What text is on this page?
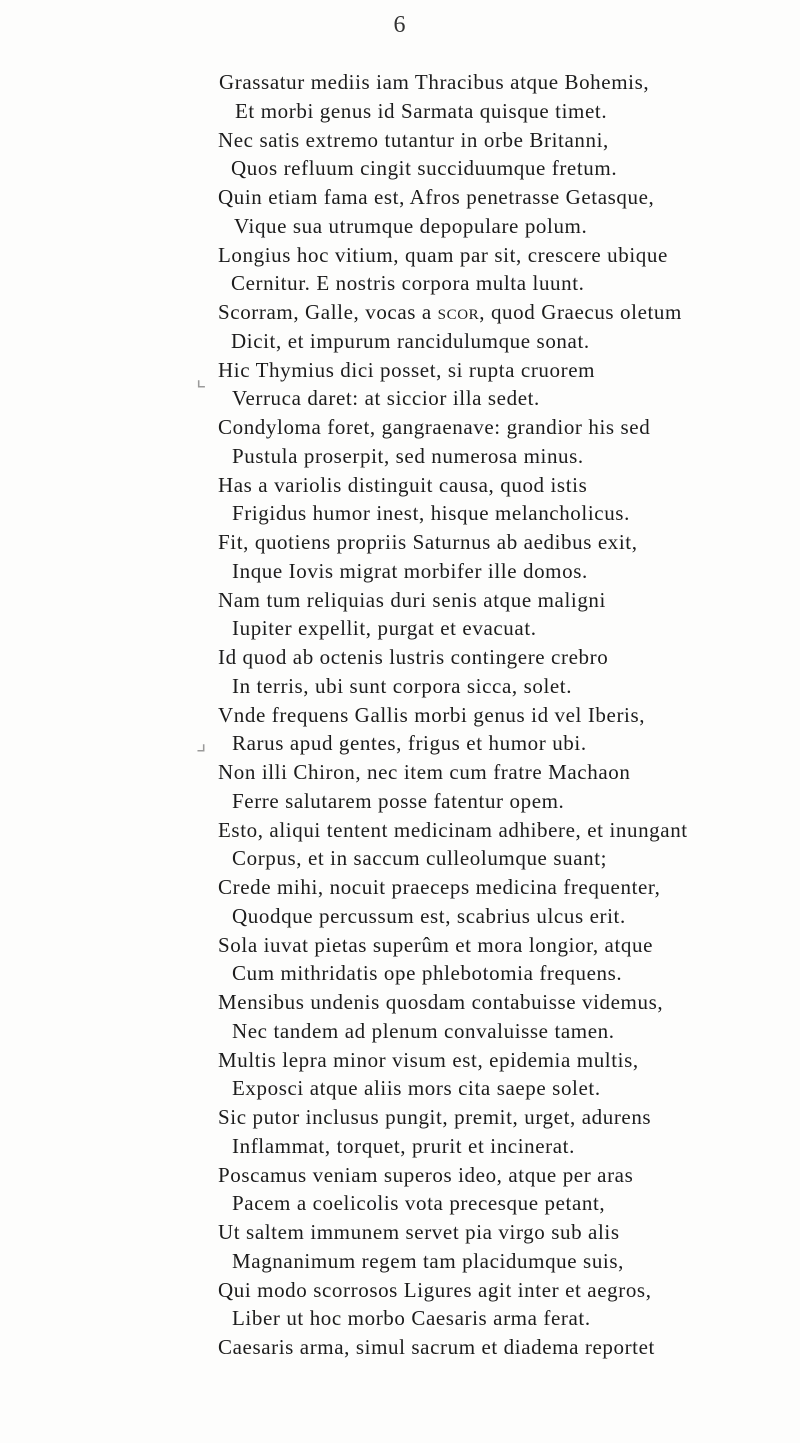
6
⌞
⌟
Grassatur mediis iam Thracibus atque Bohemis,
Et morbi genus id Sarmata quisque timet.
Nec satis extremo tutantur in orbe Britanni,
Quos refluum cingit succiduumque fretum.
Quin etiam fama est, Afros penetrasse Getasque,
Vique sua utrumque depopulare polum.
Longius hoc vitium, quam par sit, crescere ubique
Cernitur. E nostris corpora multa luunt.
Scorram, Galle, vocas a scor, quod Graecus oletum
Dicit, et impurum rancidulumque sonat.
Hic Thymius dici posset, si rupta cruorem
Verruca daret: at siccior illa sedet.
Condyloma foret, gangraenave: grandior his sed
Pustula proserpit, sed numerosa minus.
Has a variolis distinguit causa, quod istis
Frigidus humor inest, hisque melancholicus.
Fit, quotiens propriis Saturnus ab aedibus exit,
Inque Iovis migrat morbifer ille domos.
Nam tum reliquias duri senis atque maligni
Iupiter expellit, purgat et evacuat.
Id quod ab octenis lustris contingere crebro
In terris, ubi sunt corpora sicca, solet.
Vnde frequens Gallis morbi genus id vel Iberis,
Rarus apud gentes, frigus et humor ubi.
Non illi Chiron, nec item cum fratre Machaon
Ferre salutarem posse fatentur opem.
Esto, aliqui tentent medicinam adhibere, et inungant
Corpus, et in saccum culleolumque suant;
Crede mihi, nocuit praeceps medicina frequenter,
Quodque percussum est, scabrius ulcus erit.
Sola iuvat pietas superûm et mora longior, atque
Cum mithridatis ope phlebotomia frequens.
Mensibus undenis quosdam contabuisse videmus,
Nec tandem ad plenum convaluisse tamen.
Multis lepra minor visum est, epidemia multis,
Exposci atque aliis mors cita saepe solet.
Sic putor inclusus pungit, premit, urget, adurens
Inflammat, torquet, prurit et incinerat.
Poscamus veniam superos ideo, atque per aras
Pacem a coelicolis vota precesque petant,
Ut saltem immunem servet pia virgo sub alis
Magnanimum regem tam placidumque suis,
Qui modo scorrosos Ligures agit inter et aegros,
Liber ut hoc morbo Caesaris arma ferat.
Caesaris arma, simul sacrum et diadema reportet
